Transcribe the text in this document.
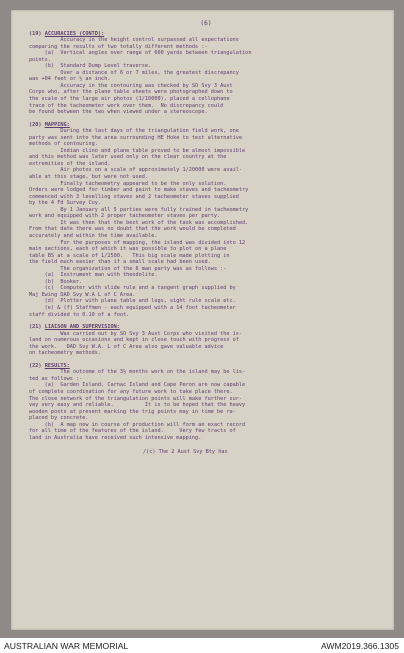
(6)
(19) ACCURACIES (CONTD):

Accuracy in the height control surpassed all expectations

comparing the results of two totally different methods :-

(a)  Vertical angles over range of 600 yards between triangulation

points.

(b)  Standard Dump Level traverse.

Over a distance of 6 or 7 miles, the greatest discrepancy

was +04 feet or ½ an inch.

Accuracy in the contouring was checked by SO Svy 3 Aust

Corps who, after the plane table sheets were photographed down to

the scale of the large air photos (1/10000), placed a cellophane

trace of the tacheometer work over them.  No discrepancy could

be found between the two when viewed under a stereoscope.

(20) MAPPING:

During the last days of the triangulation field work, one

party was sent into the area surrounding HE Hoke to test alternative

methods of contouring.

Indian clino and plane table proved to be almost impossible

and this method was later used only on the clear country at the

extremities of the island.

Air photos on a scale of approximately 1/20000 were avail-

able at this stage, but were not used.

Finally tacheometry appeared to be the only solution.

Orders were lodged for timber and paint to make staves and tacheometry

commenced with 3 levelling staves and 2 tacheometer staves supplied

by the 4 Fd Survey Coy.

By 1 January all 5 parties were fully trained in tacheometry

work and equipped with 2 proper tacheometer staves per party.

It was then that the best work of the task was accomplished.

From that date there was no doubt that the work would be completed

accurately and within the time available.

For the purposes of mapping, the island was divided into 12

main sections, each of which it was possible to plot on a plane

table BS at a scale of 1/2500.   This big scale made plotting in

the field much easier than if a small scale had been used.

The organization of the 6 man party was as follows :-

(a)  Instrument man with theodolite.

(b)  Booker.

(c)  Computer with slide rule and a tangent graph supplied by

Maj Ewing DAD Svy W.A L of C Area.

(d)  Plotter with plane table and legs, sight rule scale etc.

(e) & (f) Staffmen - each equipped with a 14 foot tacheometer

staff divided to 0.10 of a foot.

(21) LIAISON AND SUPERVISION:

Was carried out by SO Svy 3 Aust Corps who visited the is-

land on numerous occasions and kept in close touch with progress of

the work.   DAD Svy W.A. L of C Area also gave valuable advice

on tacheometry methods.

(22) RESULTS:

The outcome of the 3½ months work on the island may be lis-

ted as follows :-

(a)  Garden Island, Carnac Island and Cape Peron are now capable

of complete coordination for any future work to take place there.

The close network of the triangulation points will make further sur-

vey very easy and reliable.          It is to be hoped that the heavy

wooden posts at present marking the trig points may in time be re-

placed by concrete.

(b)  A map now in course of production will form an exact record

for all time of the features of the island.     Very few tracts of

land in Australia have received such intensive mapping.

/(c) The 2 Aust Svy Bty has

AUSTRALIAN WAR MEMORIAL	AWM2019.366.1305
